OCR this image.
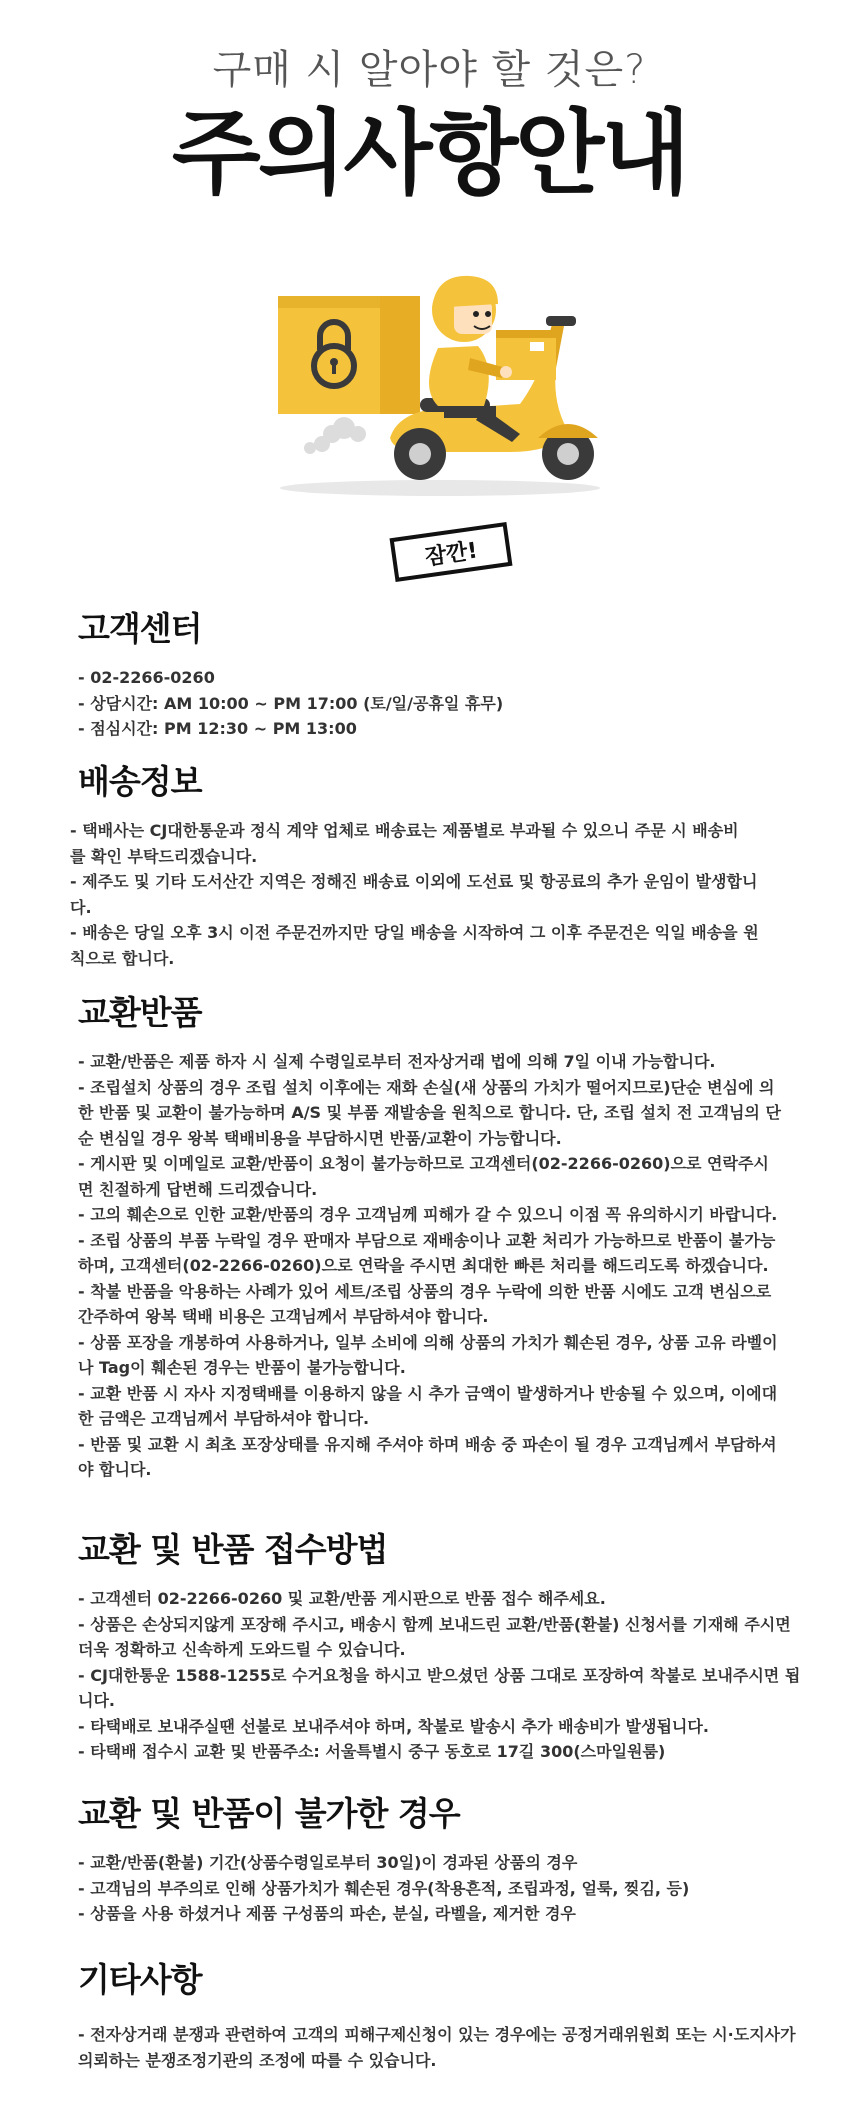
구매 시 알아야 할 것은?
주의사항안내
잠깐!
고객센터
- 02-2266-0260
- 상담시간: AM 10:00 ~ PM 17:00 (토/일/공휴일 휴무)
- 점심시간: PM 12:30 ~ PM 13:00
배송정보
- 택배사는 CJ대한통운과 정식 계약 업체로 배송료는 제품별로 부과될 수 있으니 주문 시 배송비
를 확인 부탁드리겠습니다.
- 제주도 및 기타 도서산간 지역은 정해진 배송료 이외에 도선료 및 항공료의 추가 운임이 발생합니
다.
- 배송은 당일 오후 3시 이전 주문건까지만 당일 배송을 시작하여 그 이후 주문건은 익일 배송을 원
칙으로 합니다.
교환반품
- 교환/반품은 제품 하자 시 실제 수령일로부터 전자상거래 법에 의해 7일 이내 가능합니다.
- 조립설치 상품의 경우 조립 설치 이후에는 재화 손실(새 상품의 가치가 떨어지므로)단순 변심에 의
한 반품 및 교환이 불가능하며 A/S 및 부품 재발송을 원칙으로 합니다. 단, 조립 설치 전 고객님의 단
순 변심일 경우 왕복 택배비용을 부담하시면 반품/교환이 가능합니다.
- 게시판 및 이메일로 교환/반품이 요청이 불가능하므로 고객센터(02-2266-0260)으로 연락주시
면 친절하게 답변해 드리겠습니다.
- 고의 훼손으로 인한 교환/반품의 경우 고객님께 피해가 갈 수 있으니 이점 꼭 유의하시기 바랍니다.
- 조립 상품의 부품 누락일 경우 판매자 부담으로 재배송이나 교환 처리가 가능하므로 반품이 불가능
하며, 고객센터(02-2266-0260)으로 연락을 주시면 최대한 빠른 처리를 해드리도록 하겠습니다.
- 착불 반품을 악용하는 사례가 있어 세트/조립 상품의 경우 누락에 의한 반품 시에도 고객 변심으로
간주하여 왕복 택배 비용은 고객님께서 부담하셔야 합니다.
- 상품 포장을 개봉하여 사용하거나, 일부 소비에 의해 상품의 가치가 훼손된 경우, 상품 고유 라벨이
나 Tag이 훼손된 경우는 반품이 불가능합니다.
- 교환 반품 시 자사 지정택배를 이용하지 않을 시 추가 금액이 발생하거나 반송될 수 있으며, 이에대
한 금액은 고객님께서 부담하셔야 합니다.
- 반품 및 교환 시 최초 포장상태를 유지해 주셔야 하며 배송 중 파손이 될 경우 고객님께서 부담하셔
야 합니다.
교환 및 반품 접수방법
- 고객센터 02-2266-0260 및 교환/반품 게시판으로 반품 접수 해주세요.
- 상품은 손상되지않게 포장해 주시고, 배송시 함께 보내드린 교환/반품(환불) 신청서를 기재해 주시면
더욱 정확하고 신속하게 도와드릴 수 있습니다.
- CJ대한통운 1588-1255로 수거요청을 하시고 받으셨던 상품 그대로 포장하여 착불로 보내주시면 됩
니다.
- 타택배로 보내주실땐 선불로 보내주셔야 하며, 착불로 발송시 추가 배송비가 발생됩니다.
- 타택배 접수시 교환 및 반품주소: 서울특별시 중구 동호로 17길 300(스마일원룸)
교환 및 반품이 불가한 경우
- 교환/반품(환불) 기간(상품수령일로부터 30일)이 경과된 상품의 경우
- 고객님의 부주의로 인해 상품가치가 훼손된 경우(착용흔적, 조립과정, 얼룩, 찢김, 등)
- 상품을 사용 하셨거나 제품 구성품의 파손, 분실, 라벨을, 제거한 경우
기타사항
- 전자상거래 분쟁과 관련하여 고객의 피해구제신청이 있는 경우에는 공정거래위원회 또는 시·도지사가
의뢰하는 분쟁조정기관의 조정에 따를 수 있습니다.
